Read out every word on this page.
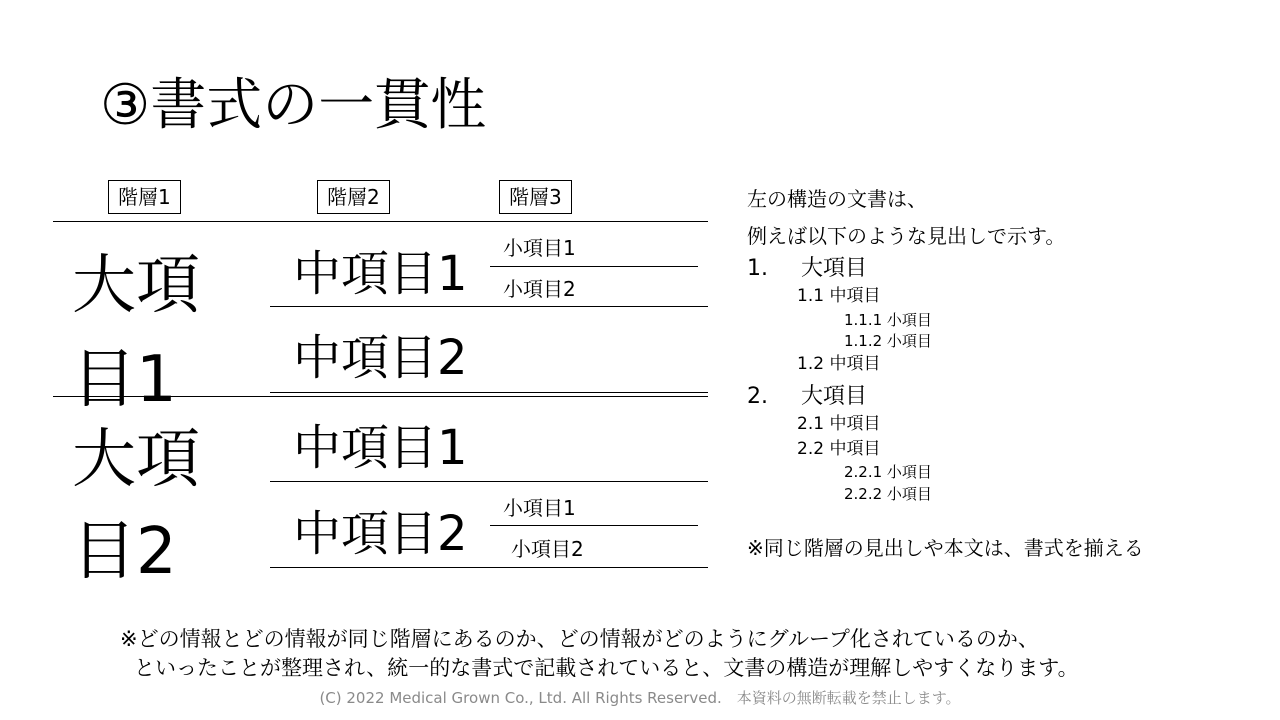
③書式の一貫性
階層1	階層2	階層3
大項
目1
中項目1 小項目1
小項目2
中項目2
大項
目2
中項目1
中項目2 小項目1
小項目2
左の構造の文書は、
例えば以下のような見出しで示す。
1. 大項目
1.1 中項目
1.1.1 小項目
1.1.2 小項目
1.2 中項目
2. 大項目
2.1 中項目
2.2 中項目
2.2.1 小項目
2.2.2 小項目
※同じ階層の見出しや本文は、書式を揃える
※どの情報とどの情報が同じ階層にあるのか、どの情報がどのようにグループ化されているのか、
といったことが整理され、統一的な書式で記載されていると、文書の構造が理解しやすくなります。
(C) 2022 Medical Grown Co., Ltd. All Rights Reserved.　本資料の無断転載を禁止します。
